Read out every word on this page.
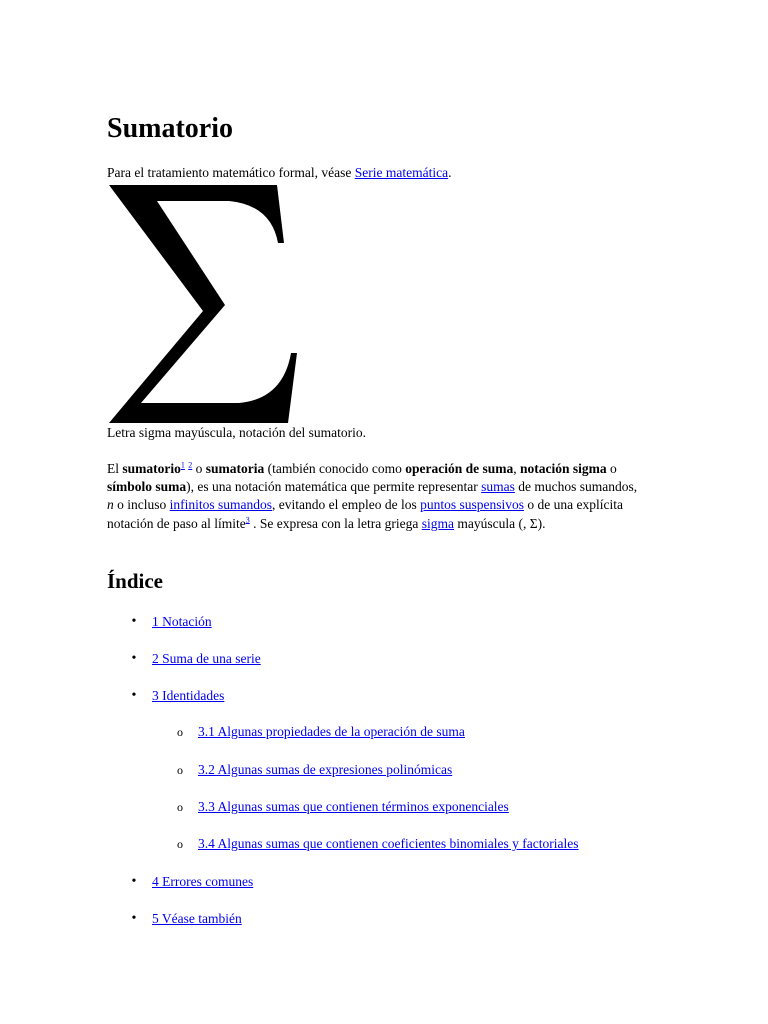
Sumatorio
Para el tratamiento matemático formal, véase Serie matemática.
Letra sigma mayúscula, notación del sumatorio.

El sumatorio$^1$ $^2$ o sumatoria (también conocido como operación de suma, notación sigma o símbolo suma), es una notación matemática que permite representar sumas de muchos sumandos, n o incluso infinitos sumandos, evitando el empleo de los puntos suspensivos o de una explícita notación de paso al límite$^3$ . Se expresa con la letra griega sigma mayúscula (, Σ).

Índice
•	1 Notación
•	2 Suma de una serie
•	3 Identidades
o 3.1 Algunas propiedades de la operación de suma
o 3.2 Algunas sumas de expresiones polinómicas
o 3.3 Algunas sumas que contienen términos exponenciales
o 3.4 Algunas sumas que contienen coeficientes binomiales y factoriales
•	4 Errores comunes
•	5 Véase también
